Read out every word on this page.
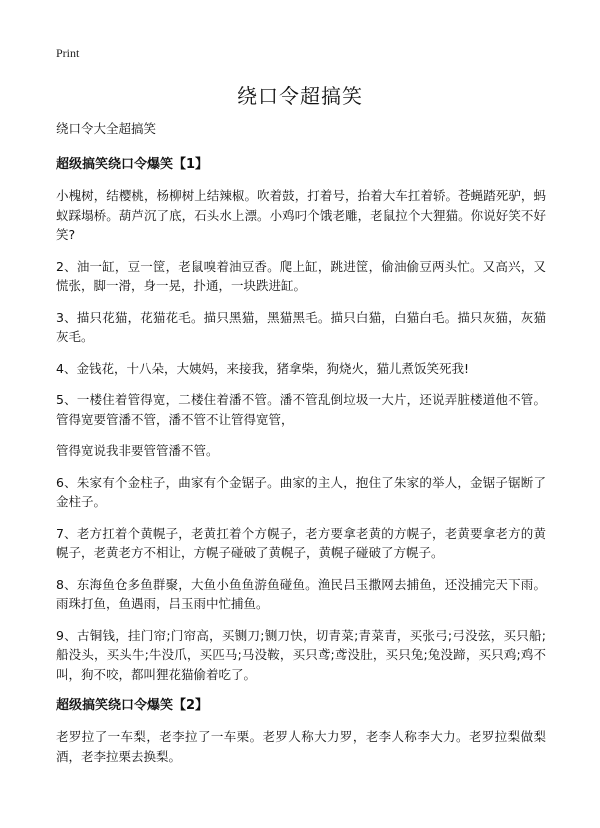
Print
绕口令超搞笑

绕口令大全超搞笑

超级搞笑绕口令爆笑【1】

小槐树，结樱桃，杨柳树上结辣椒。吹着鼓，打着号，抬着大车扛着轿。苍蝇踏死驴，蚂蚁踩塌桥。葫芦沉了底，石头水上漂。小鸡叼个饿老雕，老鼠拉个大狸猫。你说好笑不好笑?

2、油一缸，豆一筐，老鼠嗅着油豆香。爬上缸，跳进筐，偷油偷豆两头忙。又高兴，又慌张，脚一滑，身一晃，扑通，一块跌进缸。

3、描只花猫，花猫花毛。描只黑猫，黑猫黑毛。描只白猫，白猫白毛。描只灰猫，灰猫灰毛。

4、金钱花，十八朵，大姨妈，来接我，猪拿柴，狗烧火，猫儿煮饭笑死我!

5、一楼住着管得宽，二楼住着潘不管。潘不管乱倒垃圾一大片，还说弄脏楼道他不管。管得宽要管潘不管，潘不管不让管得宽管，

管得宽说我非要管管潘不管。

6、朱家有个金柱子，曲家有个金锯子。曲家的主人，抱住了朱家的举人，金锯子锯断了金柱子。

7、老方扛着个黄幌子，老黄扛着个方幌子，老方要拿老黄的方幌子，老黄要拿老方的黄幌子，老黄老方不相让，方幌子碰破了黄幌子，黄幌子碰破了方幌子。

8、东海鱼仓多鱼群聚，大鱼小鱼鱼游鱼碰鱼。渔民吕玉撒网去捕鱼，还没捕完天下雨。雨珠打鱼，鱼遇雨，吕玉雨中忙捕鱼。

9、古铜钱，挂门帘;门帘高，买铡刀;铡刀快，切青菜;青菜青，买张弓;弓没弦，买只船;船没头，买头牛;牛没爪，买匹马;马没鞍，买只鸢;鸢没肚，买只兔;兔没蹄，买只鸡;鸡不叫，狗不咬，都叫狸花猫偷着吃了。

超级搞笑绕口令爆笑【2】

老罗拉了一车梨，老李拉了一车栗。老罗人称大力罗，老李人称李大力。老罗拉梨做梨酒，老李拉栗去换梨。
